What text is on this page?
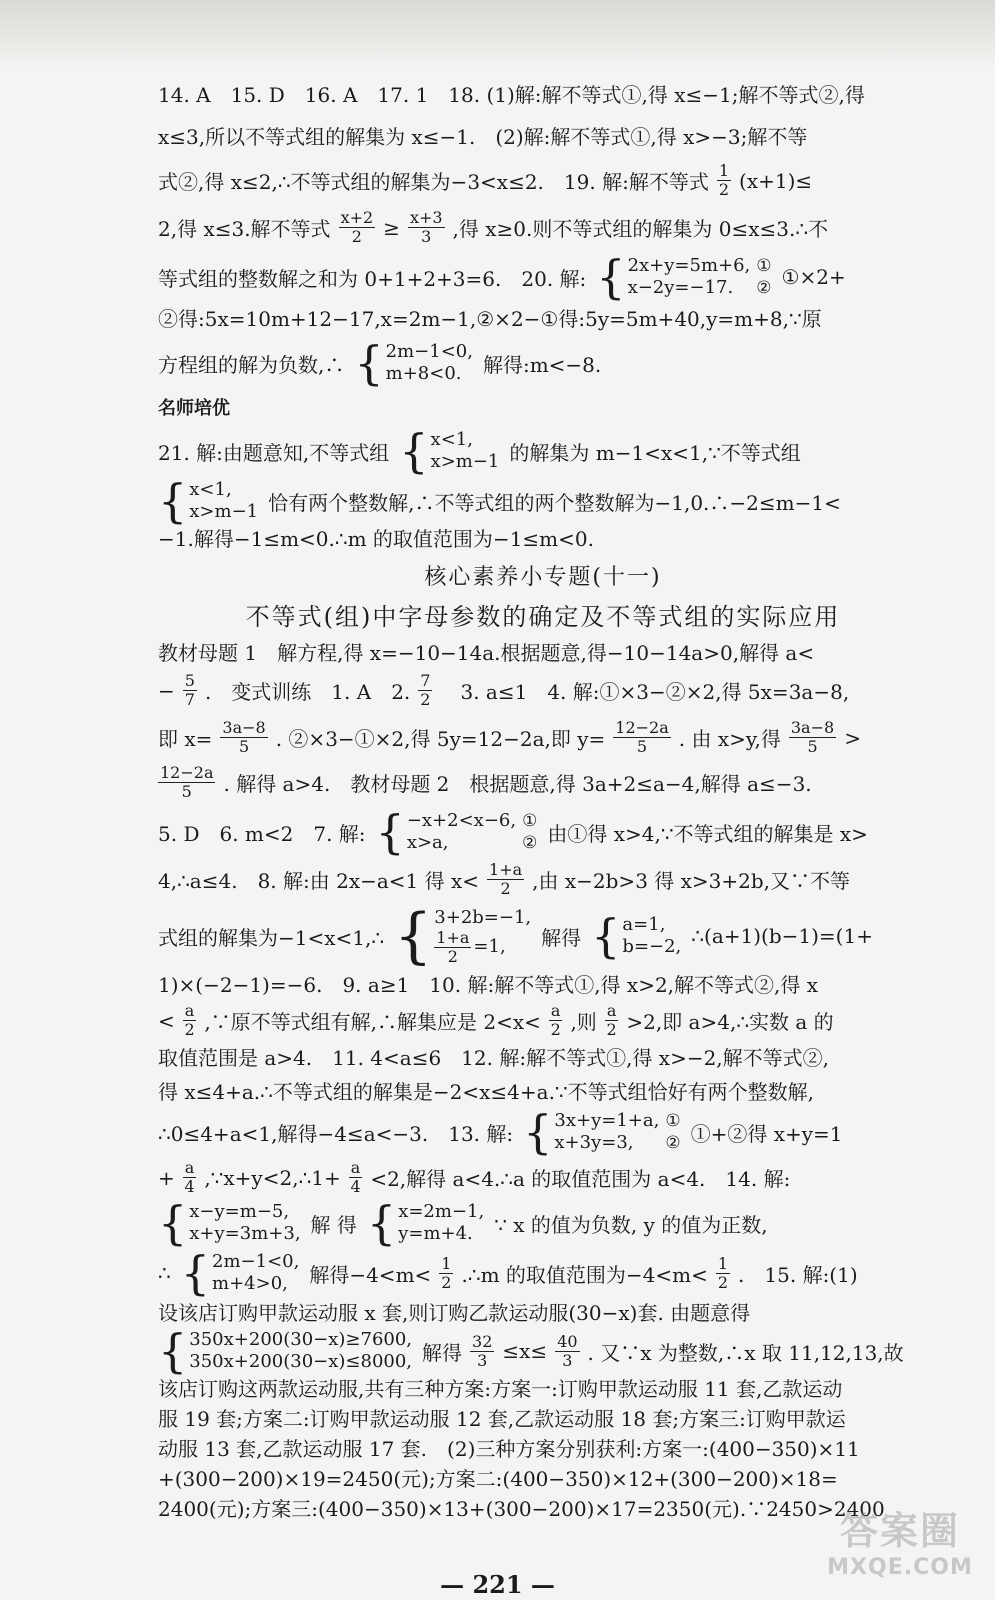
14. A　15. D　16. A　17. 1　18. (1)解:解不等式①,得 x≤−1;解不等式②,得

x≤3,所以不等式组的解集为 x≤−1.　(2)解:解不等式①,得 x>−3;解不等

式②,得 x≤2,∴不等式组的解集为−3<x≤2.　19. 解:解不等式 $\frac{1}{2} (x+1)\le$
2,得 x≤3.解不等式 $\frac{x+2}{2} \ge \frac{x+3}{3}$ ,得 x≥0.则不等式组的解集为 0≤x≤3.∴不
等式组的整数解之和为 0+1+2+3=6.　20. 解: { 2x+y=5m+6,
x−2y=−17.
①
② ①×2+

②得:5x=10m+12−17,x=2m−1,②×2−①得:5y=5m+40,y=m+8,∵原

方程组的解为负数,∴ { 2m−1<0,
m+8<0.	解得:m<−8.
名师培优
21. 解:由题意知,不等式组 { x<1,
x>m−1 的解集为 m−1<x<1,∵不等式组
{ x<1,
x>m−1 恰有两个整数解,∴不等式组的两个整数解为−1,0.∴−2≤m−1<

−1.解得−1≤m<0.∴m 的取值范围为−1≤m<0.

核心素养小专题(十一)
不等式(组)中字母参数的确定及不等式组的实际应用

教材母题 1　解方程,得 x=−10−14a.根据题意,得−10−14a>0,解得 a<

− $\frac{5}{7}$ .　变式训练　1. A　2. $\frac{7}{2}$ 　3. a≤1　4. 解:①×3−②×2,得 5x=3a−8,
即 $x= \frac{3a-8}{5}$ . ②×3−①×2,得 5y=12−2a,即 $y= \frac{12-2a}{5}$ . 由 x>y,得 $\frac{3a-8}{5}$ >
$\frac{12-2a}{5}$ . 解得 a>4.　教材母题 2　根据题意,得 3a+2≤a−4,解得 a≤−3.
5. D　6. m<2　7. 解: { −x+2<x−6,
x>a,
①
② 由①得 x>4,∵不等式组的解集是 x>
4,∴a≤4.　8. 解:由 2x−a<1 得 $x< \frac{1+a}{2}$ ,由 x−2b>3 得 x>3+2b,又∵不等
式组的解集为−1<x<1,∴ { 3+2b=−1,
$\frac{1+a}{2} =1$, 解得 { a=1,
b=−2, ∴(a+1)(b−1)=(1+

1)×(−2−1)=−6.　9. a≥1　10. 解:解不等式①,得 x>2,解不等式②,得 x

< $\frac{a}{2}$ ,∵原不等式组有解,∴解集应是 $2<x< \frac{a}{2}$ ,则 $\frac{a}{2} >2$,即 a>4,∴实数 a 的

取值范围是 a>4.　11. 4<a≤6　12. 解:解不等式①,得 x>−2,解不等式②,

得 x≤4+a.∴不等式组的解集是−2<x≤4+a.∵不等式组恰好有两个整数解,

∴0≤4+a<1,解得−4≤a<−3.　13. 解: { 3x+y=1+a,
x+3y=3,
①
② ①+②得 x+y=1
+ $\frac{a}{4}$ ,∵x+y<2,∴1+ $\frac{a}{4} <2$,解得 a<4.∴a 的取值范围为 a<4.　14. 解:
{ x−y=m−5,
x+y=3m+3, 解 得 { x=2m−1,
y=m+4.	∵ x 的值为负数, y 的值为正数,
∴ { 2m−1<0,
m+4>0,	解得$-4<m< \frac{1}{2}$ .∴m 的取值范围为$-4<m< \frac{1}{2}$ .　15. 解:(1)

设该店订购甲款运动服 x 套,则订购乙款运动服(30−x)套. 由题意得

{ 350x+200(30−x)≥7600,
350x+200(30−x)≤8000, 解得 $\frac{32}{3} \le x\le \frac{40}{3}$ . 又∵x 为整数,∴x 取 11,12,13,故

该店订购这两款运动服,共有三种方案:方案一:订购甲款运动服 11 套,乙款运动

服 19 套;方案二:订购甲款运动服 12 套,乙款运动服 18 套;方案三:订购甲款运

动服 13 套,乙款运动服 17 套.　(2)三种方案分别获利:方案一:(400−350)×11

+(300−200)×19=2450(元);方案二:(400−350)×12+(300−200)×18=

2400(元);方案三:(400−350)×13+(300−200)×17=2350(元).∵2450>2400

— 221 —
答案圈
MXQE.COM
